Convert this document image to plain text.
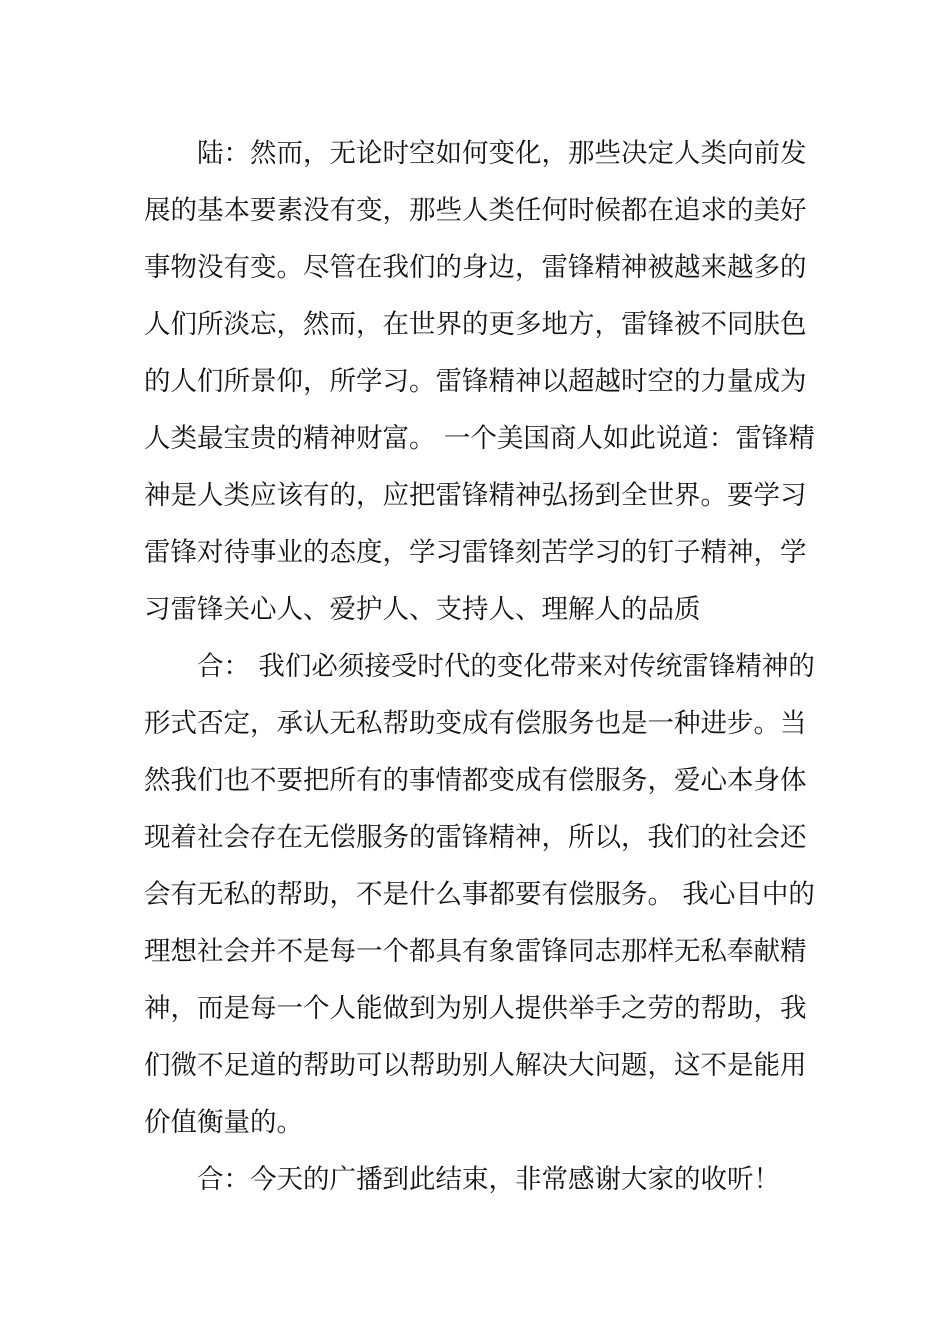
陆：然而，无论时空如何变化，那些决定人类向前发
展的基本要素没有变，那些人类任何时候都在追求的美好
事物没有变。尽管在我们的身边，雷锋精神被越来越多的
人们所淡忘，然而，在世界的更多地方，雷锋被不同肤色
的人们所景仰，所学习。雷锋精神以超越时空的力量成为
人类最宝贵的精神财富。 一个美国商人如此说道：雷锋精
神是人类应该有的，应把雷锋精神弘扬到全世界。要学习
雷锋对待事业的态度，学习雷锋刻苦学习的钉子精神，学
习雷锋关心人、爱护人、支持人、理解人的品质
合： 我们必须接受时代的变化带来对传统雷锋精神的
形式否定，承认无私帮助变成有偿服务也是一种进步。当
然我们也不要把所有的事情都变成有偿服务，爱心本身体
现着社会存在无偿服务的雷锋精神，所以，我们的社会还
会有无私的帮助，不是什么事都要有偿服务。 我心目中的
理想社会并不是每一个都具有象雷锋同志那样无私奉献精
神，而是每一个人能做到为别人提供举手之劳的帮助，我
们微不足道的帮助可以帮助别人解决大问题，这不是能用
价值衡量的。
合：今天的广播到此结束，非常感谢大家的收听！
